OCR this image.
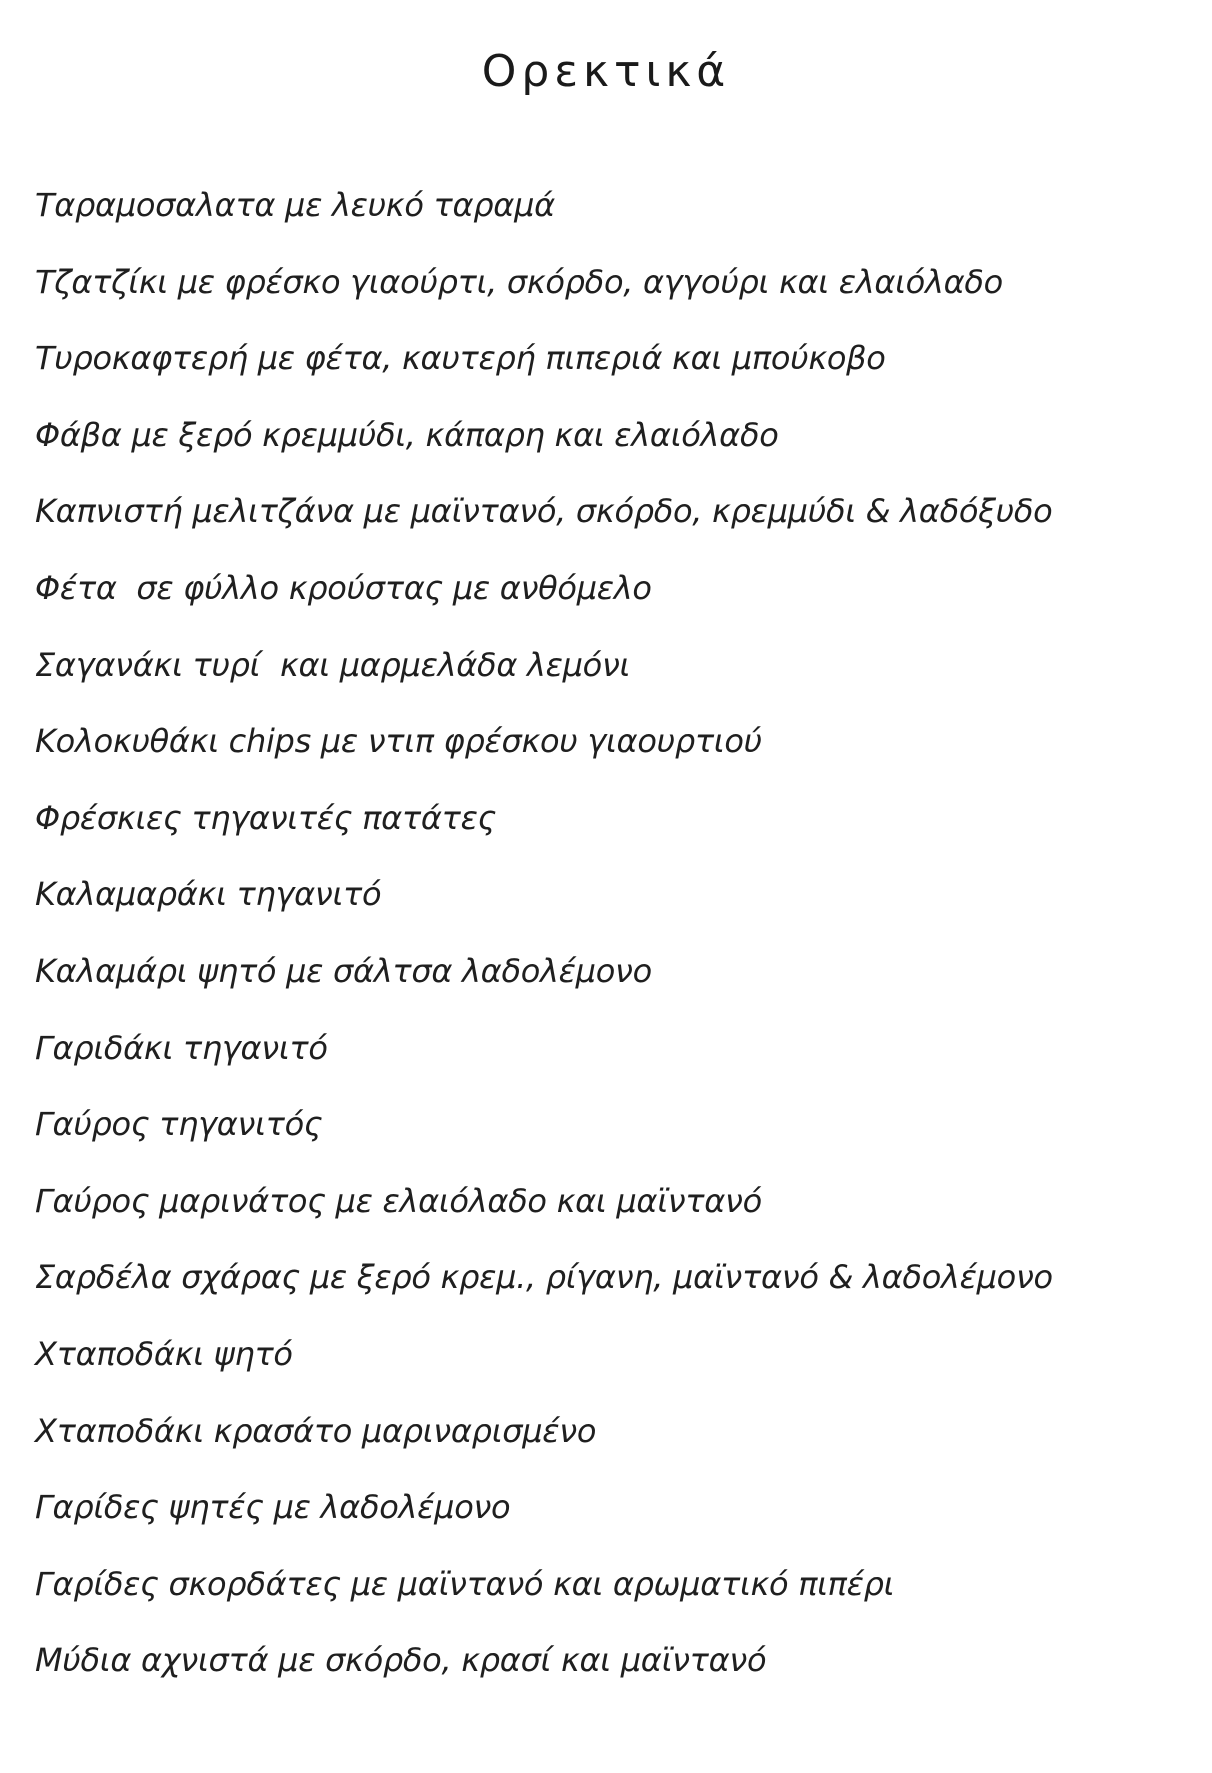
Ορεκτικά
Ταραμοσαλατα με λευκό ταραμά
Τζατζίκι με φρέσκο γιαούρτι, σκόρδο, αγγούρι και ελαιόλαδο
Τυροκαφτερή με φέτα, καυτερή πιπεριά και μπούκοβο
Φάβα με ξερό κρεμμύδι, κάπαρη και ελαιόλαδο
Καπνιστή μελιτζάνα με μαϊντανό, σκόρδο, κρεμμύδι & λαδόξυδο
Φέτα  σε φύλλο κρούστας με ανθόμελο
Σαγανάκι τυρί  και μαρμελάδα λεμόνι
Κολοκυθάκι chips με ντιπ φρέσκου γιαουρτιού
Φρέσκιες τηγανιτές πατάτες
Καλαμαράκι τηγανιτό
Καλαμάρι ψητό με σάλτσα λαδολέμονο
Γαριδάκι τηγανιτό
Γαύρος τηγανιτός
Γαύρος μαρινάτος με ελαιόλαδο και μαϊντανό
Σαρδέλα σχάρας με ξερό κρεμ., ρίγανη, μαϊντανό & λαδολέμονο
Χταποδάκι ψητό
Χταποδάκι κρασάτο μαριναρισμένο
Γαρίδες ψητές με λαδολέμονο
Γαρίδες σκορδάτες με μαϊντανό και αρωματικό πιπέρι
Μύδια αχνιστά με σκόρδο, κρασί και μαϊντανό
